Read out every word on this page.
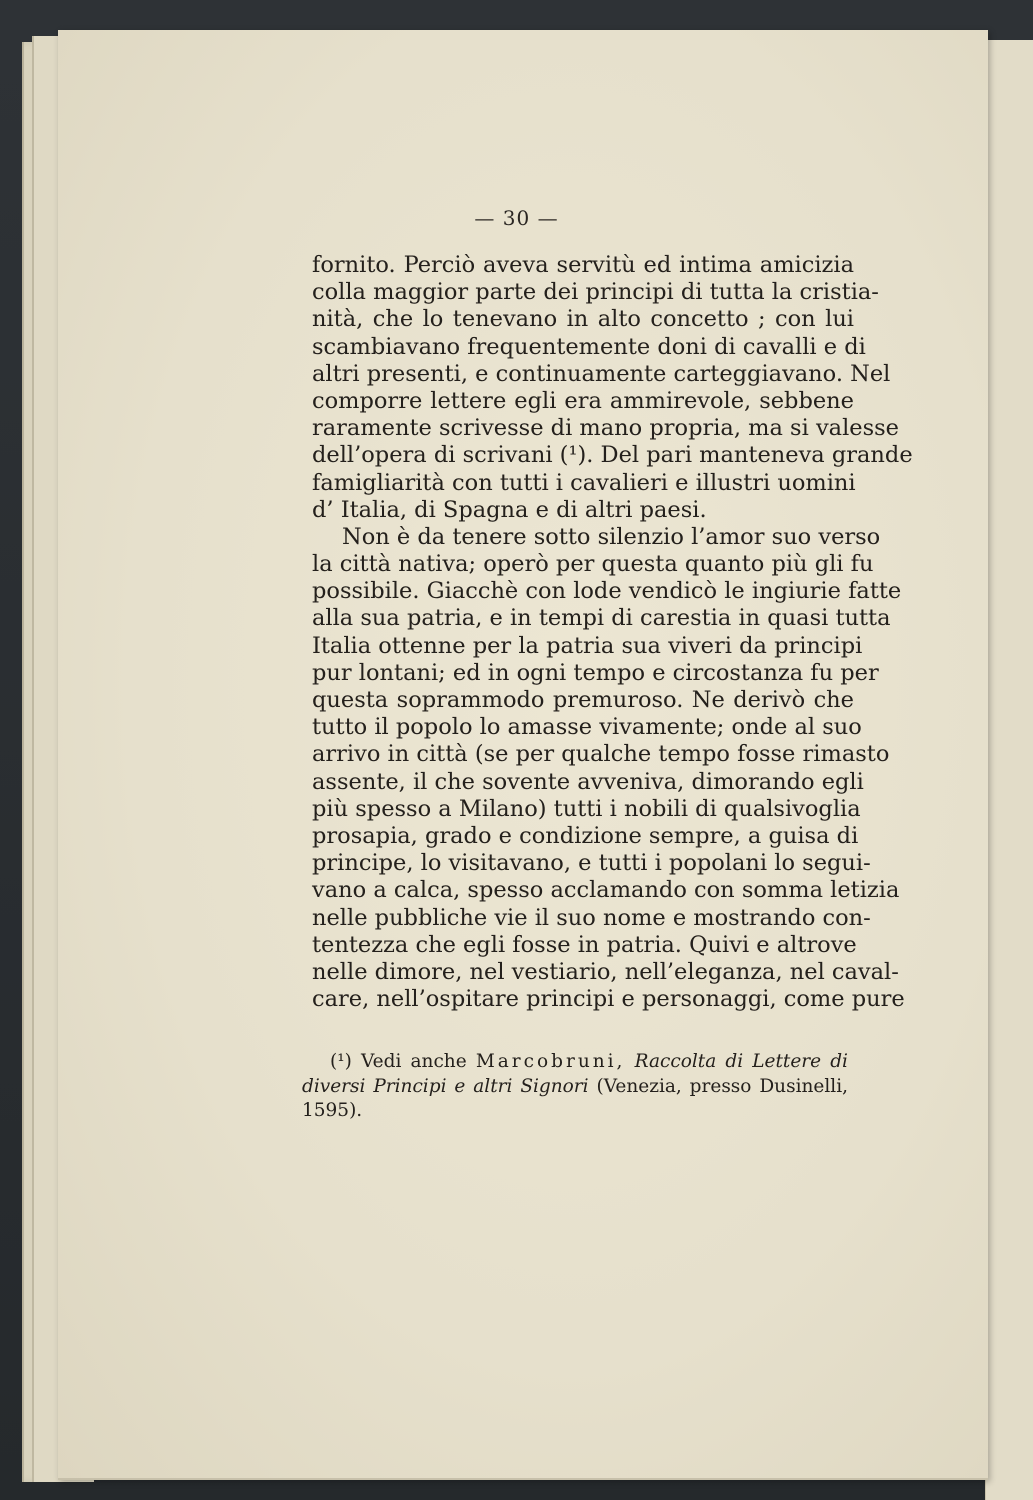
— 30 —
fornito. Perciò aveva servitù ed intima amicizia
colla maggior parte dei principi di tutta la cristia-
nità, che lo tenevano in alto concetto ; con lui
scambiavano frequentemente doni di cavalli e di
altri presenti, e continuamente carteggiavano. Nel
comporre lettere egli era ammirevole, sebbene
raramente scrivesse di mano propria, ma si valesse
dell’opera di scrivani (¹). Del pari manteneva grande
famigliarità con tutti i cavalieri e illustri uomini
d’ Italia, di Spagna e di altri paesi.
Non è da tenere sotto silenzio l’amor suo verso
la città nativa; operò per questa quanto più gli fu
possibile. Giacchè con lode vendicò le ingiurie fatte
alla sua patria, e in tempi di carestia in quasi tutta
Italia ottenne per la patria sua viveri da principi
pur lontani; ed in ogni tempo e circostanza fu per
questa soprammodo premuroso. Ne derivò che
tutto il popolo lo amasse vivamente; onde al suo
arrivo in città (se per qualche tempo fosse rimasto
assente, il che sovente avveniva, dimorando egli
più spesso a Milano) tutti i nobili di qualsivoglia
prosapia, grado e condizione sempre, a guisa di
principe, lo visitavano, e tutti i popolani lo segui-
vano a calca, spesso acclamando con somma letizia
nelle pubbliche vie il suo nome e mostrando con-
tentezza che egli fosse in patria. Quivi e altrove
nelle dimore, nel vestiario, nell’eleganza, nel caval-
care, nell’ospitare principi e personaggi, come pure
(¹) Vedi anche Marcobruni, Raccolta di Lettere di
diversi Principi e altri Signori (Venezia, presso Dusinelli,
1595).
